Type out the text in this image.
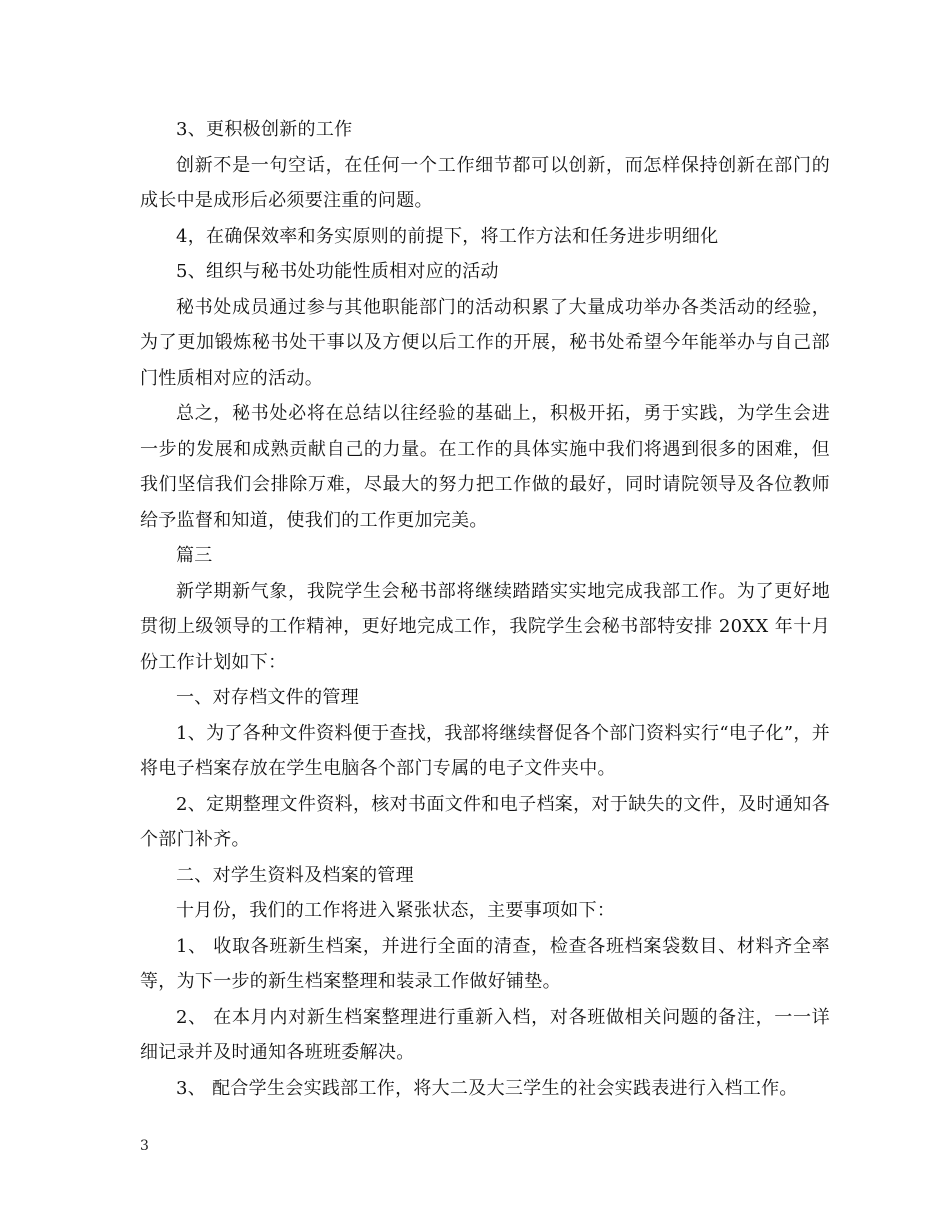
3、更积极创新的工作

创新不是一句空话，在任何一个工作细节都可以创新，而怎样保持创新在部门的成长中是成形后必须要注重的问题。

4，在确保效率和务实原则的前提下，将工作方法和任务进步明细化

5、组织与秘书处功能性质相对应的活动

秘书处成员通过参与其他职能部门的活动积累了大量成功举办各类活动的经验，为了更加锻炼秘书处干事以及方便以后工作的开展，秘书处希望今年能举办与自己部门性质相对应的活动。

总之，秘书处必将在总结以往经验的基础上，积极开拓，勇于实践，为学生会进一步的发展和成熟贡献自己的力量。在工作的具体实施中我们将遇到很多的困难，但我们坚信我们会排除万难，尽最大的努力把工作做的最好，同时请院领导及各位教师给予监督和知道，使我们的工作更加完美。

篇三

新学期新气象，我院学生会秘书部将继续踏踏实实地完成我部工作。为了更好地贯彻上级领导的工作精神，更好地完成工作，我院学生会秘书部特安排 20XX 年十月份工作计划如下：

一、对存档文件的管理

1、为了各种文件资料便于查找，我部将继续督促各个部门资料实行“电子化”，并将电子档案存放在学生电脑各个部门专属的电子文件夹中。

2、定期整理文件资料，核对书面文件和电子档案，对于缺失的文件，及时通知各个部门补齐。

二、对学生资料及档案的管理

十月份，我们的工作将进入紧张状态，主要事项如下：

1、 收取各班新生档案，并进行全面的清查，检查各班档案袋数目、材料齐全率等，为下一步的新生档案整理和装录工作做好铺垫。

2、 在本月内对新生档案整理进行重新入档，对各班做相关问题的备注，一一详细记录并及时通知各班班委解决。

3、 配合学生会实践部工作，将大二及大三学生的社会实践表进行入档工作。

3
